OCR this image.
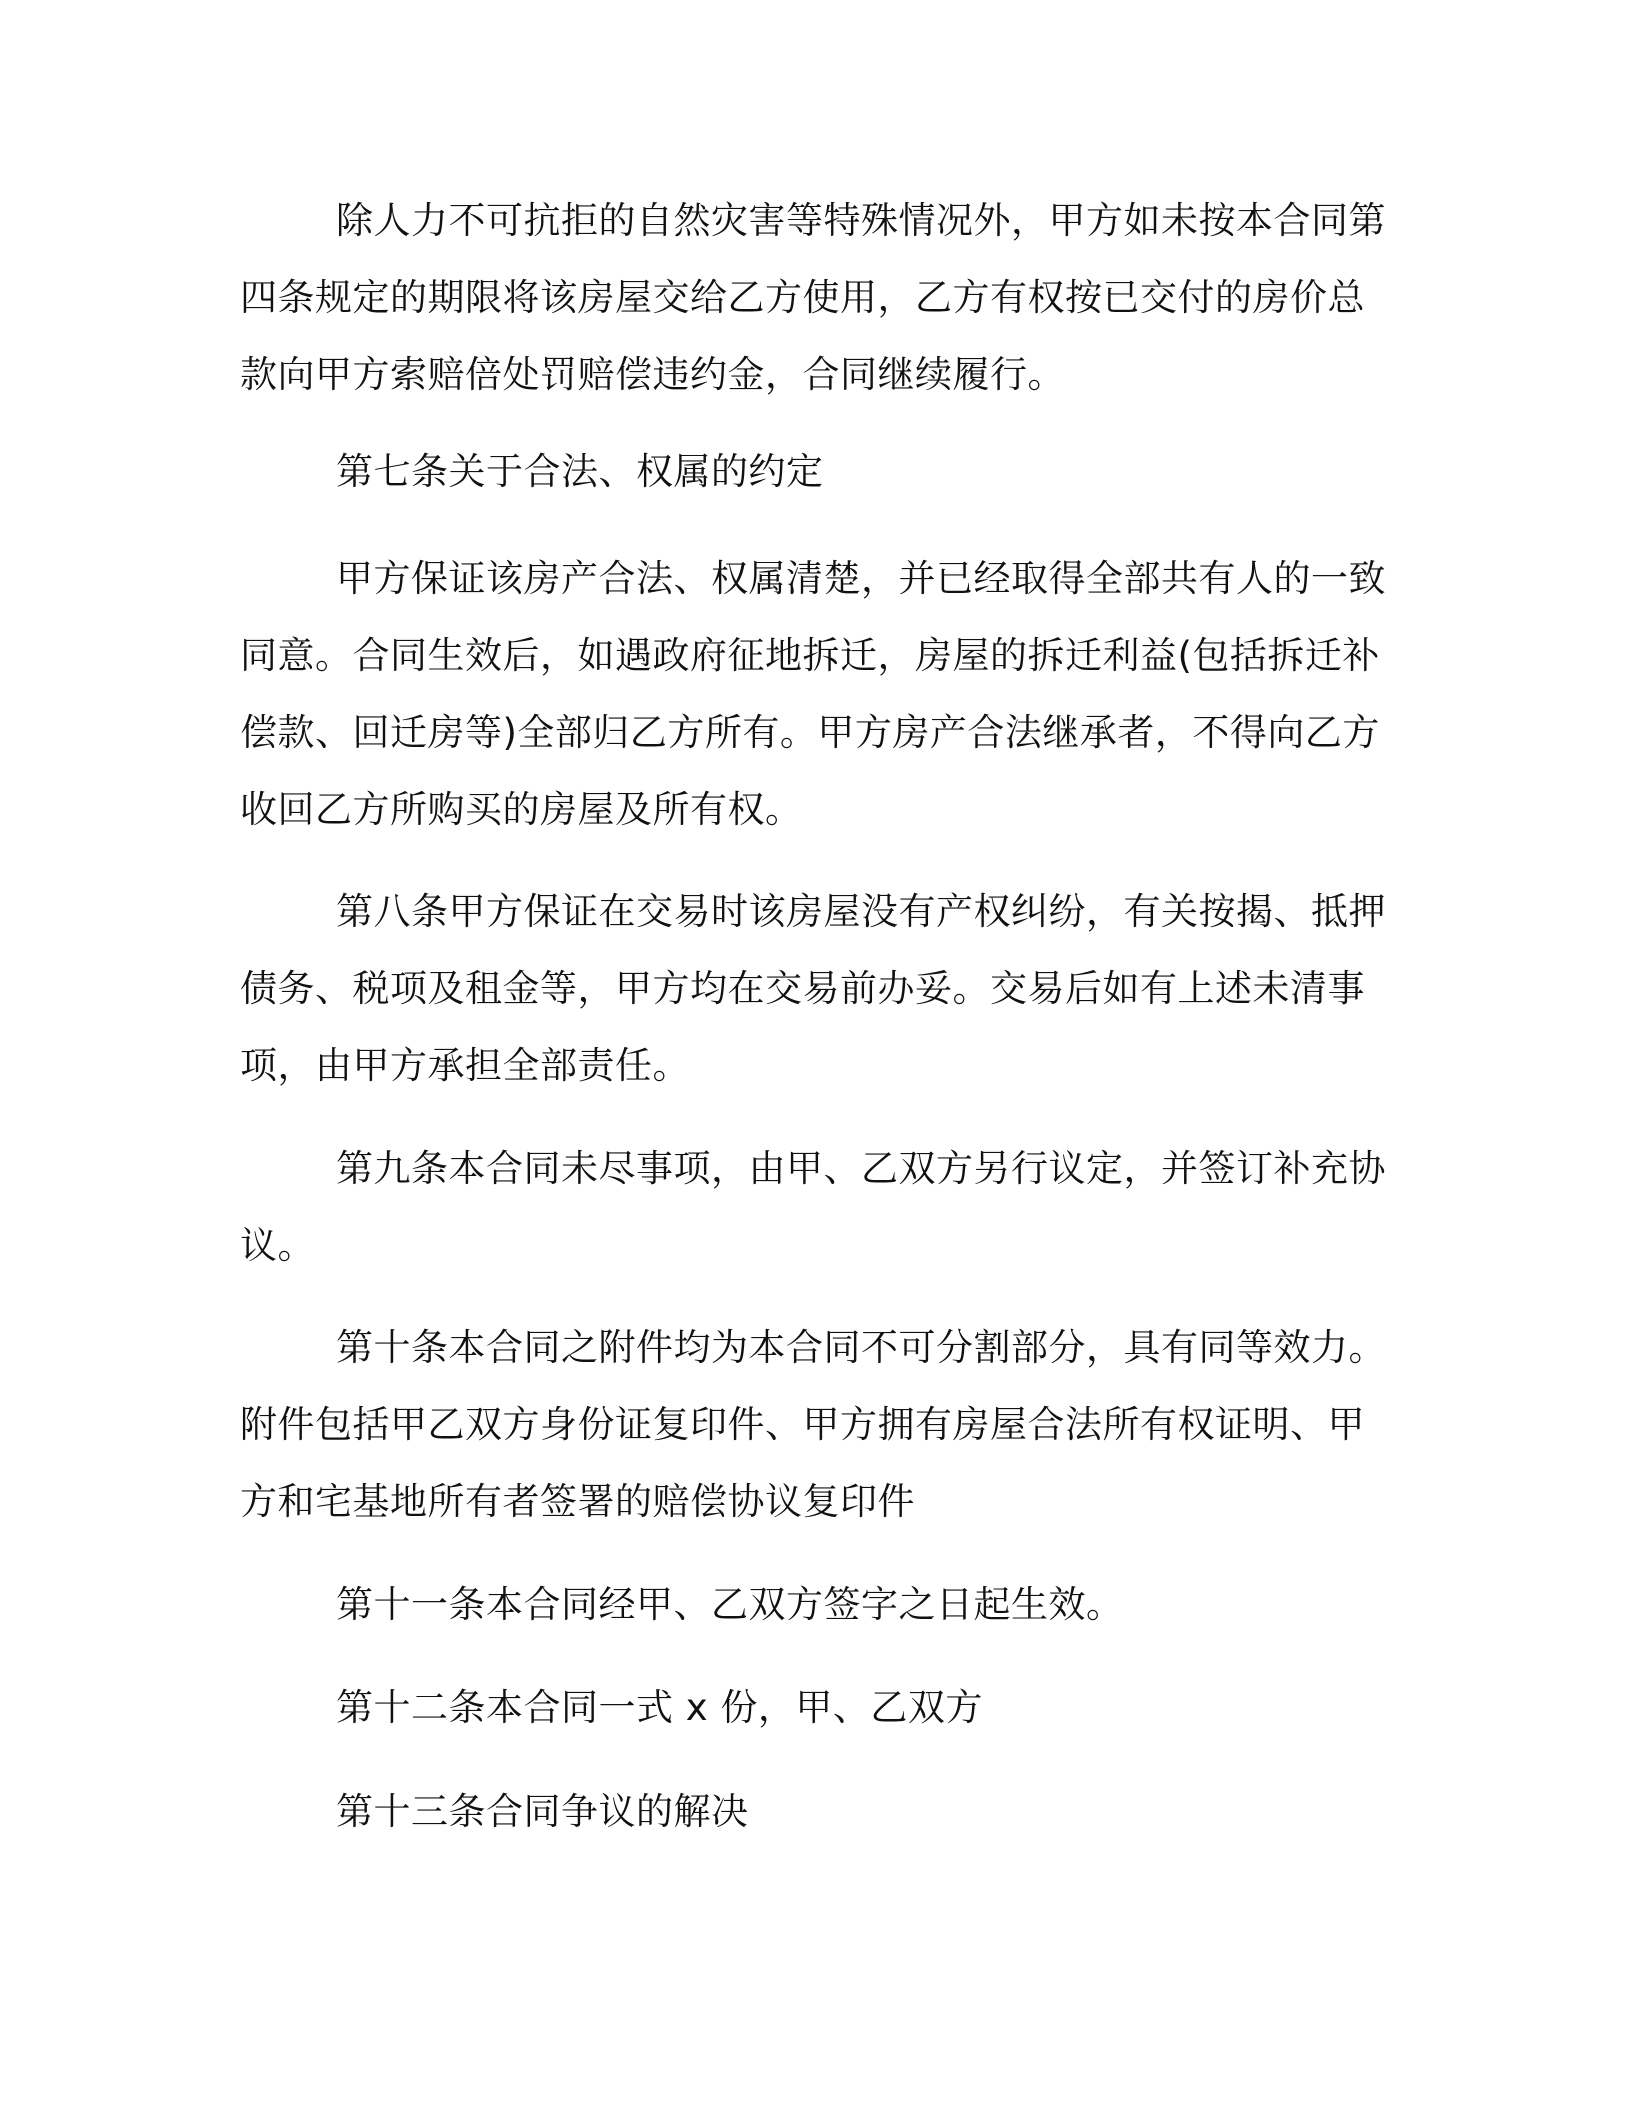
除人力不可抗拒的自然灾害等特殊情况外，甲方如未按本合同第
四条规定的期限将该房屋交给乙方使用，乙方有权按已交付的房价总
款向甲方索赔倍处罚赔偿违约金，合同继续履行。
第七条关于合法、权属的约定
甲方保证该房产合法、权属清楚，并已经取得全部共有人的一致
同意。合同生效后，如遇政府征地拆迁，房屋的拆迁利益(包括拆迁补
偿款、回迁房等)全部归乙方所有。甲方房产合法继承者，不得向乙方
收回乙方所购买的房屋及所有权。
第八条甲方保证在交易时该房屋没有产权纠纷，有关按揭、抵押
债务、税项及租金等，甲方均在交易前办妥。交易后如有上述未清事
项，由甲方承担全部责任。
第九条本合同未尽事项，由甲、乙双方另行议定，并签订补充协
议。
第十条本合同之附件均为本合同不可分割部分，具有同等效力。
附件包括甲乙双方身份证复印件、甲方拥有房屋合法所有权证明、甲
方和宅基地所有者签署的赔偿协议复印件
第十一条本合同经甲、乙双方签字之日起生效。
第十二条本合同一式 x 份，甲、乙双方
第十三条合同争议的解决
